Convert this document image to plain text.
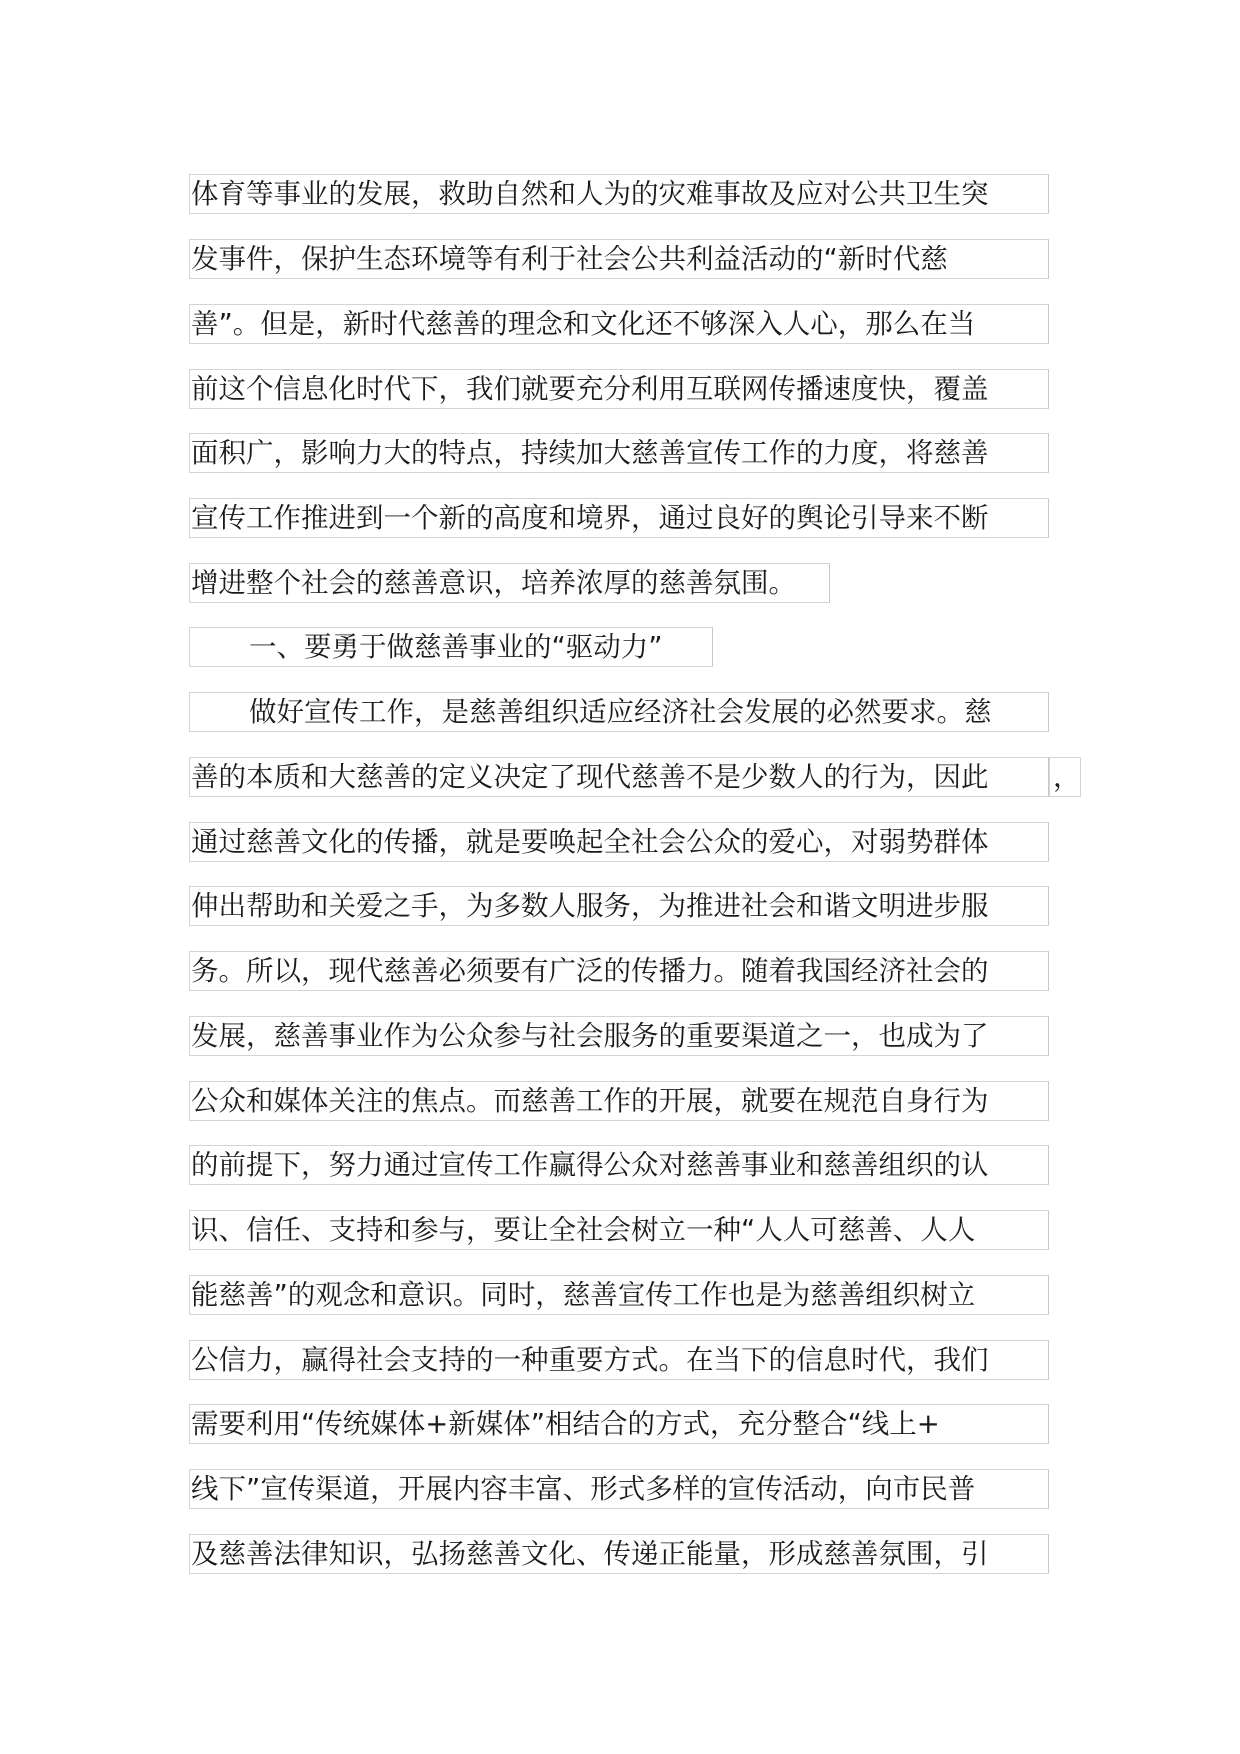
体育等事业的发展，救助自然和人为的灾难事故及应对公共卫生突
发事件，保护生态环境等有利于社会公共利益活动的“新时代慈
善”。但是，新时代慈善的理念和文化还不够深入人心，那么在当
前这个信息化时代下，我们就要充分利用互联网传播速度快，覆盖
面积广，影响力大的特点，持续加大慈善宣传工作的力度，将慈善
宣传工作推进到一个新的高度和境界，通过良好的舆论引导来不断
增进整个社会的慈善意识，培养浓厚的慈善氛围。
一、要勇于做慈善事业的“驱动力”
做好宣传工作，是慈善组织适应经济社会发展的必然要求。慈
善的本质和大慈善的定义决定了现代慈善不是少数人的行为，因此	，
通过慈善文化的传播，就是要唤起全社会公众的爱心，对弱势群体
伸出帮助和关爱之手，为多数人服务，为推进社会和谐文明进步服
务。所以，现代慈善必须要有广泛的传播力。随着我国经济社会的
发展，慈善事业作为公众参与社会服务的重要渠道之一，也成为了
公众和媒体关注的焦点。而慈善工作的开展，就要在规范自身行为
的前提下，努力通过宣传工作赢得公众对慈善事业和慈善组织的认
识、信任、支持和参与，要让全社会树立一种“人人可慈善、人人
能慈善”的观念和意识。同时，慈善宣传工作也是为慈善组织树立
公信力，赢得社会支持的一种重要方式。在当下的信息时代，我们
需要利用“传统媒体+新媒体”相结合的方式，充分整合“线上+
线下”宣传渠道，开展内容丰富、形式多样的宣传活动，向市民普
及慈善法律知识，弘扬慈善文化、传递正能量，形成慈善氛围，引
